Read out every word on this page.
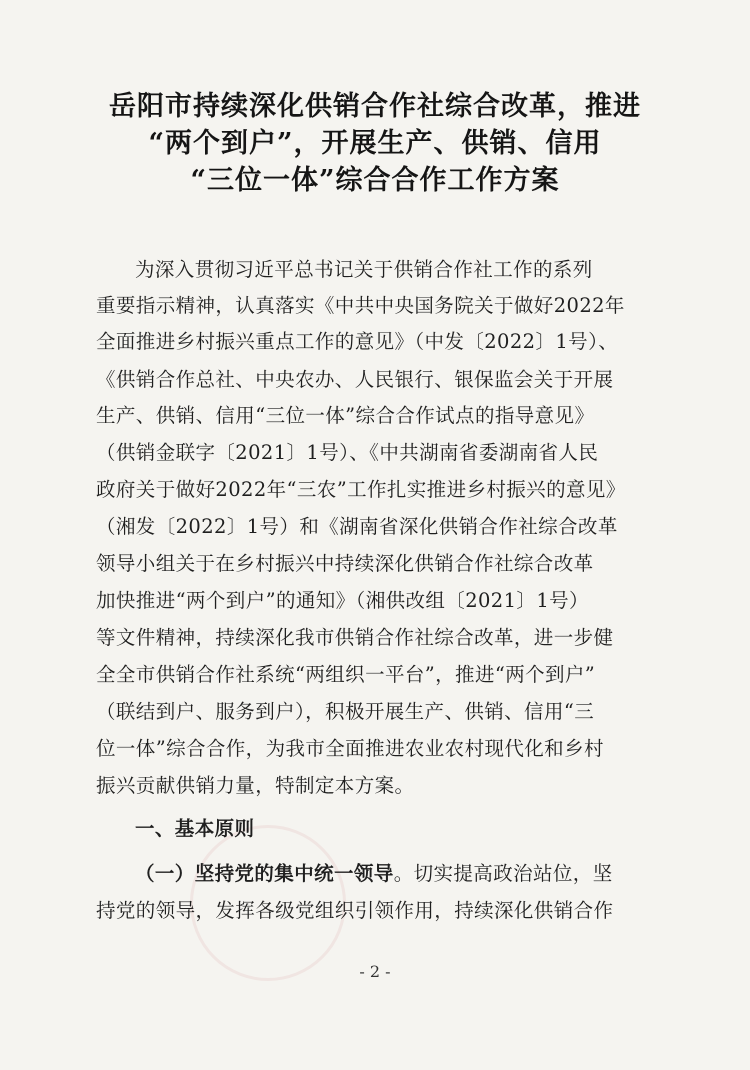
岳阳市持续深化供销合作社综合改革，推进
“两个到户”，开展生产、供销、信用
“三位一体”综合合作工作方案
为深入贯彻习近平总书记关于供销合作社工作的系列
重要指示精神，认真落实《中共中央国务院关于做好2022年
全面推进乡村振兴重点工作的意见》（中发〔2022〕1号）、
《供销合作总社、中央农办、人民银行、银保监会关于开展
生产、供销、信用“三位一体”综合合作试点的指导意见》
（供销金联字〔2021〕1号）、《中共湖南省委湖南省人民
政府关于做好2022年“三农”工作扎实推进乡村振兴的意见》
（湘发〔2022〕1号）和《湖南省深化供销合作社综合改革
领导小组关于在乡村振兴中持续深化供销合作社综合改革
加快推进“两个到户”的通知》（湘供改组〔2021〕1号）
等文件精神，持续深化我市供销合作社综合改革，进一步健
全全市供销合作社系统“两组织一平台”，推进“两个到户”
（联结到户、服务到户），积极开展生产、供销、信用“三
位一体”综合合作，为我市全面推进农业农村现代化和乡村
振兴贡献供销力量，特制定本方案。
一、基本原则
（一）坚持党的集中统一领导。切实提高政治站位，坚
持党的领导，发挥各级党组织引领作用，持续深化供销合作
- 2 -
